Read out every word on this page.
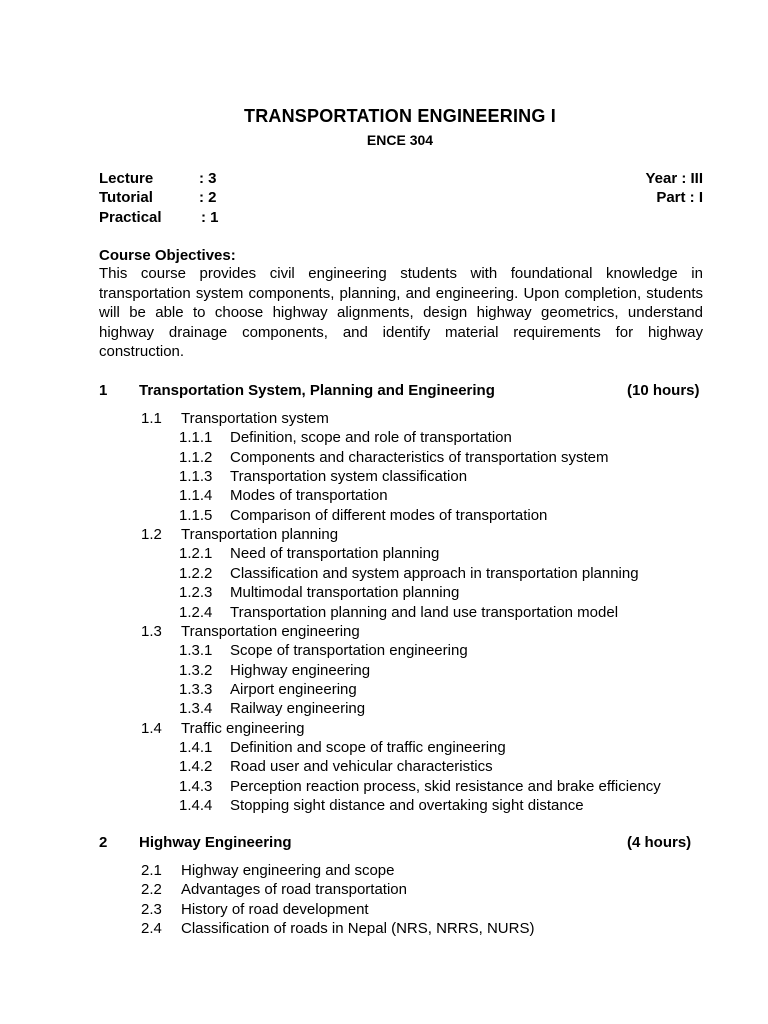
TRANSPORTATION ENGINEERING I
ENCE 304
Lecture	: 3	Year : III
Tutorial	: 2	Part : I
Practical	: 1
Course Objectives:
This course provides civil engineering students with foundational knowledge in transportation system components, planning, and engineering. Upon completion, students will be able to choose highway alignments, design highway geometrics, understand highway drainage components, and identify material requirements for highway construction.
1 Transportation System, Planning and Engineering	(10 hours)
1.1 Transportation system
1.1.1 Definition, scope and role of transportation
1.1.2 Components and characteristics of transportation system
1.1.3 Transportation system classification
1.1.4 Modes of transportation
1.1.5 Comparison of different modes of transportation
1.2 Transportation planning
1.2.1 Need of transportation planning
1.2.2 Classification and system approach in transportation planning
1.2.3 Multimodal transportation planning
1.2.4 Transportation planning and land use transportation model
1.3 Transportation engineering
1.3.1 Scope of transportation engineering
1.3.2 Highway engineering
1.3.3 Airport engineering
1.3.4 Railway engineering
1.4 Traffic engineering
1.4.1 Definition and scope of traffic engineering
1.4.2 Road user and vehicular characteristics
1.4.3 Perception reaction process, skid resistance and brake efficiency
1.4.4 Stopping sight distance and overtaking sight distance
2 Highway Engineering	(4 hours)
2.1 Highway engineering and scope
2.2 Advantages of road transportation
2.3 History of road development
2.4 Classification of roads in Nepal (NRS, NRRS, NURS)
